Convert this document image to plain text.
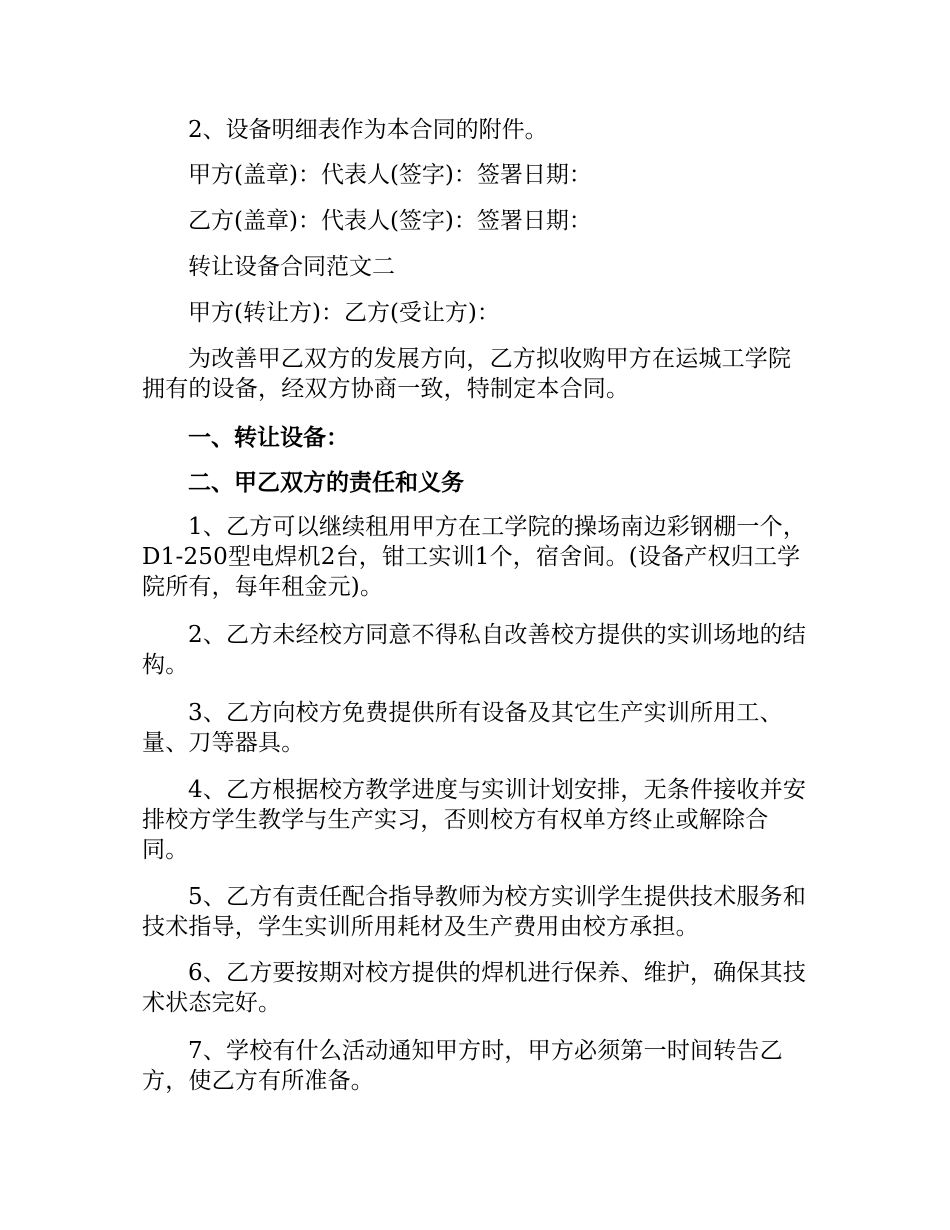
2、设备明细表作为本合同的附件。
甲方(盖章)：代表人(签字)：签署日期：
乙方(盖章)：代表人(签字)：签署日期：
转让设备合同范文二
甲方(转让方)：乙方(受让方)：
为改善甲乙双方的发展方向，乙方拟收购甲方在运城工学院拥有的设备，经双方协商一致，特制定本合同。
一、转让设备：
二、甲乙双方的责任和义务
1、乙方可以继续租用甲方在工学院的操场南边彩钢棚一个，D1-250型电焊机2台，钳工实训1个，宿舍间。(设备产权归工学院所有，每年租金元)。
2、乙方未经校方同意不得私自改善校方提供的实训场地的结构。
3、乙方向校方免费提供所有设备及其它生产实训所用工、量、刀等器具。
4、乙方根据校方教学进度与实训计划安排，无条件接收并安排校方学生教学与生产实习，否则校方有权单方终止或解除合同。
5、乙方有责任配合指导教师为校方实训学生提供技术服务和技术指导，学生实训所用耗材及生产费用由校方承担。
6、乙方要按期对校方提供的焊机进行保养、维护，确保其技术状态完好。
7、学校有什么活动通知甲方时，甲方必须第一时间转告乙方，使乙方有所准备。
